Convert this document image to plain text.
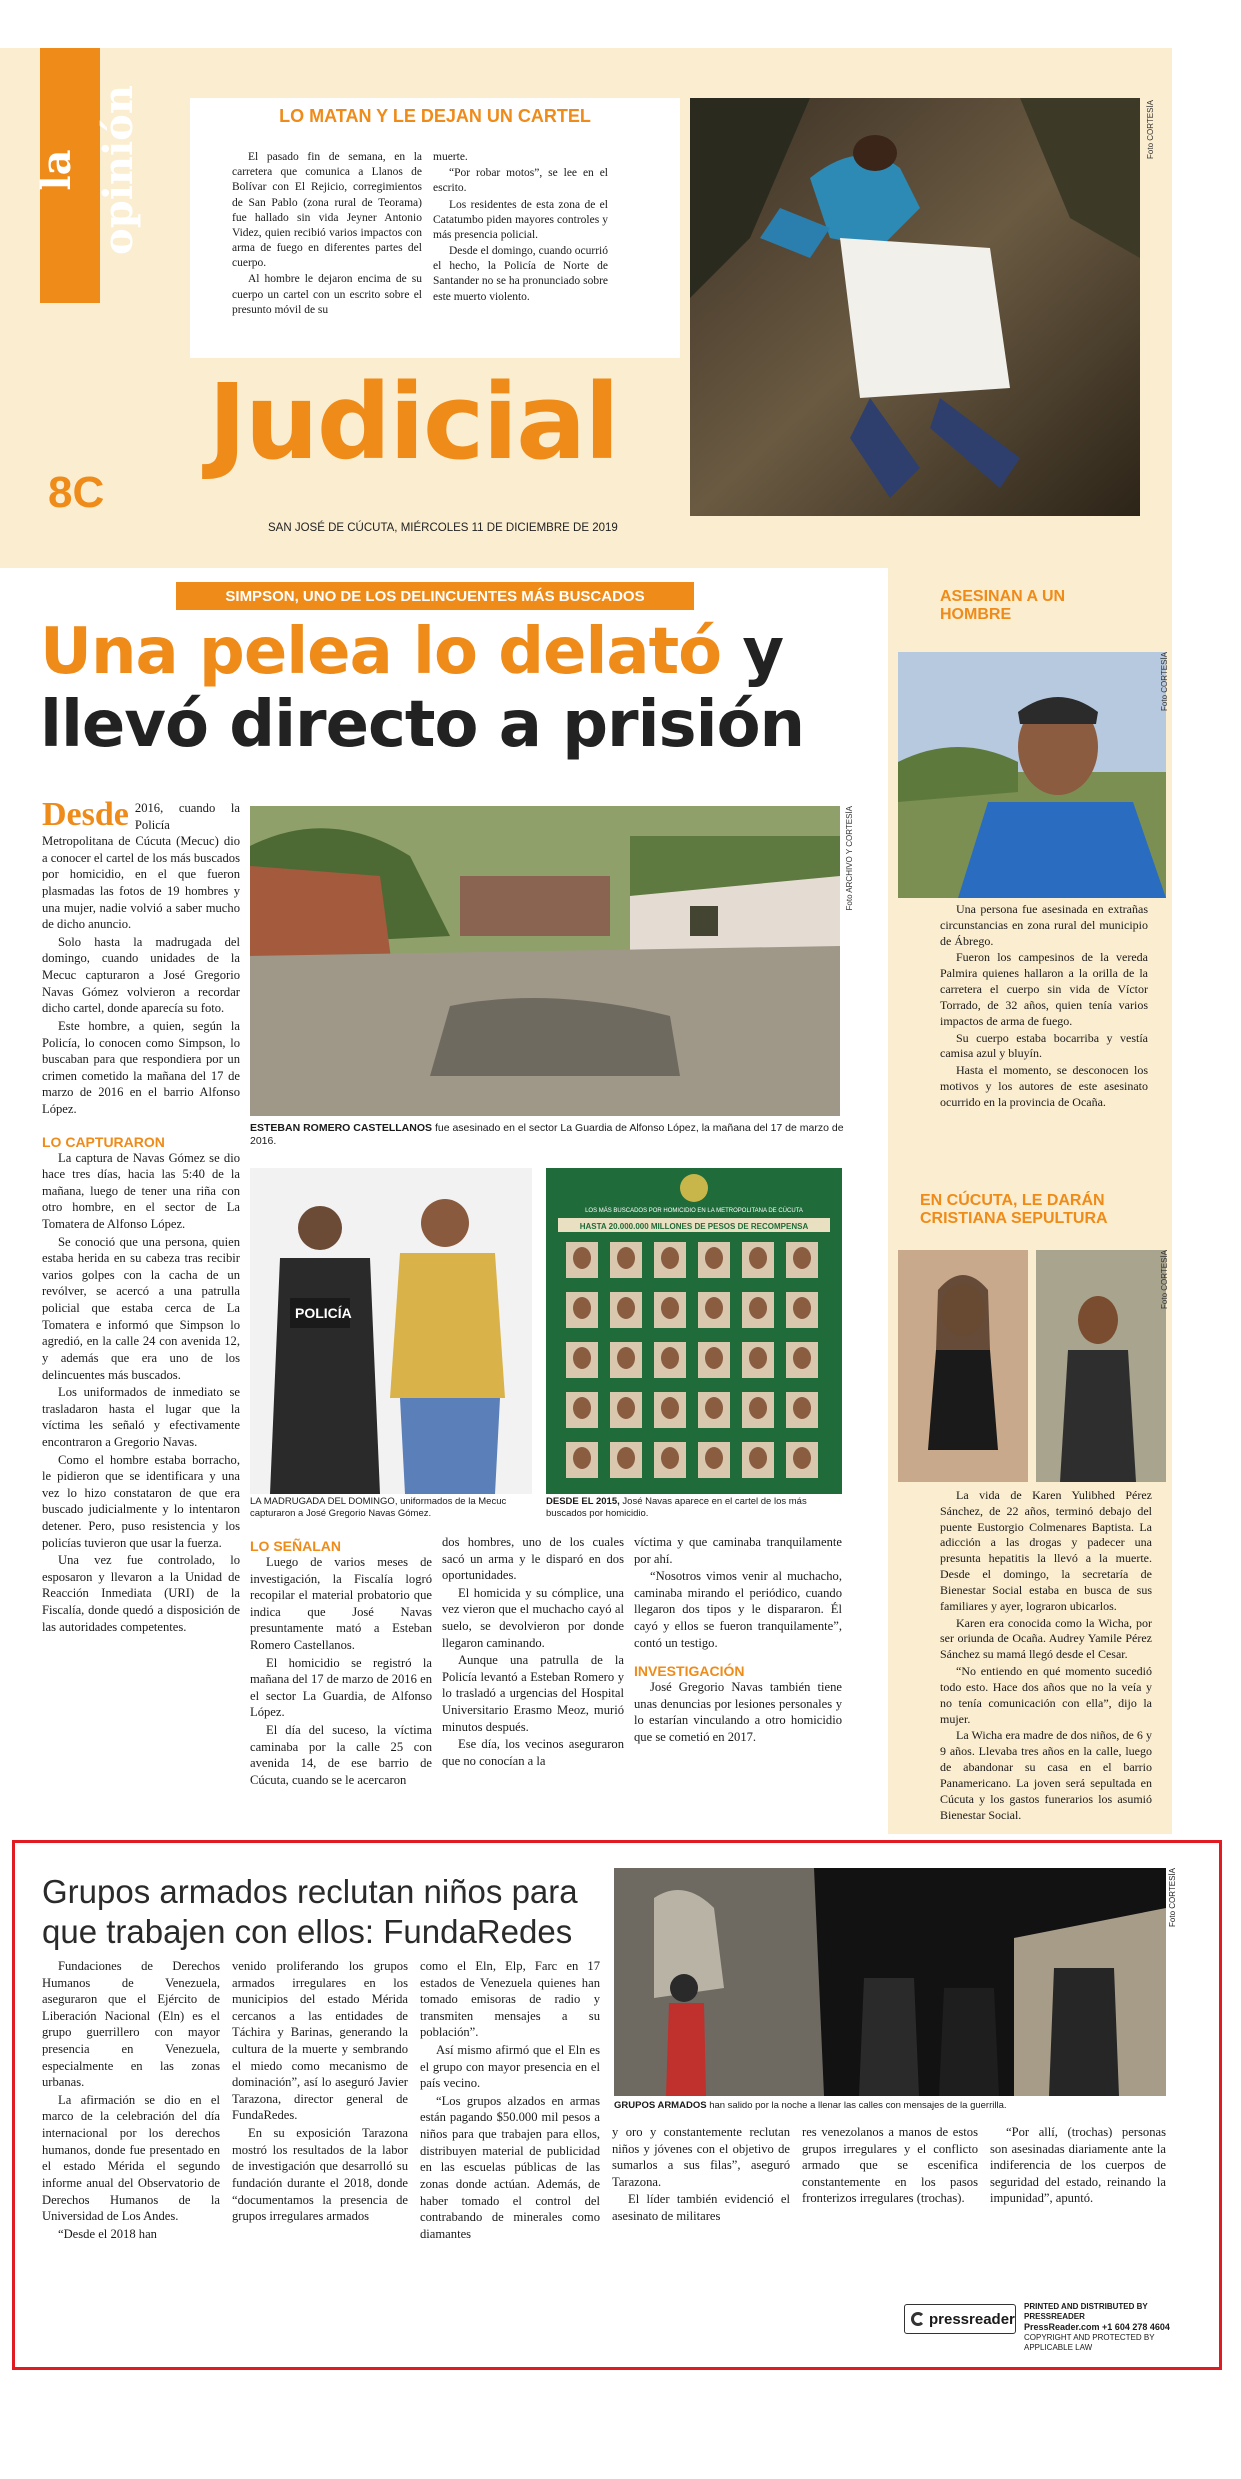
la opinión	LO MATAN Y LE DEJAN UN CARTEL

El pasado fin de semana, en la carretera que comunica a Llanos de Bolívar con El Rejicio, corregimientos de San Pablo (zona rural de Teorama) fue hallado sin vida Jeyner Antonio Videz, quien recibió varios impactos con arma de fuego en diferentes partes del cuerpo.

Al hombre le dejaron encima de su cuerpo un cartel con un escrito sobre el presunto móvil de su

muerte.

“Por robar motos”, se lee en el escrito.

Los residentes de esta zona de el Catatumbo piden mayores controles y más presencia policial.

Desde el domingo, cuando ocurrió el hecho, la Policía de Norte de Santander no se ha pronunciado sobre este muerto violento.

Foto CORTESÍA
Judicial
8C
SAN JOSÉ DE CÚCUTA, MIÉRCOLES 11 DE DICIEMBRE DE 2019
SIMPSON, UNO DE LOS DELINCUENTES MÁS BUSCADOS
Una pelea lo delató y
llevó directo a prisión

Desde 2016, cuando la Policía Metropolitana de Cúcuta (Mecuc) dio a conocer el cartel de los más buscados por homicidio, en el que fueron plasmadas las fotos de 19 hombres y una mujer, nadie volvió a saber mucho de dicho anuncio.

Solo hasta la madrugada del domingo, cuando unidades de la Mecuc capturaron a José Gregorio Navas Gómez volvieron a recordar dicho cartel, donde aparecía su foto.

Este hombre, a quien, según la Policía, lo conocen como Simpson, lo buscaban para que respondiera por un crimen cometido la mañana del 17 de marzo de 2016 en el barrio Alfonso López.

LO CAPTURARON

La captura de Navas Gómez se dio hace tres días, hacia las 5:40 de la mañana, luego de tener una riña con otro hombre, en el sector de La Tomatera de Alfonso López.

Se conoció que una persona, quien estaba herida en su cabeza tras recibir varios golpes con la cacha de un revólver, se acercó a una patrulla policial que estaba cerca de La Tomatera e informó que Simpson lo agredió, en la calle 24 con avenida 12, y además que era uno de los delincuentes más buscados.

Los uniformados de inmediato se trasladaron hasta el lugar que la víctima les señaló y efectivamente encontraron a Gregorio Navas.

Como el hombre estaba borracho, le pidieron que se identificara y una vez lo hizo constataron de que era buscado judicialmente y lo intentaron detener. Pero, puso resistencia y los policías tuvieron que usar la fuerza.

Una vez fue controlado, lo esposaron y llevaron a la Unidad de Reacción Inmediata (URI) de la Fiscalía, donde quedó a disposición de las autoridades competentes.

Foto ARCHIVO Y CORTESÍA
ESTEBAN ROMERO CASTELLANOS fue asesinado en el sector La Guardia de Alfonso López, la mañana del 17 de marzo de 2016.
POLICÍA
LA MADRUGADA DEL DOMINGO, uniformados de la Mecuc capturaron a José Gregorio Navas Gómez.
LOS MÁS BUSCADOS POR HOMICIDIO EN LA METROPOLITANA DE CÚCUTA
HASTA 20.000.000 MILLONES DE PESOS DE RECOMPENSA
DESDE EL 2015, José Navas aparece en el cartel de los más buscados por homicidio.
LO SEÑALAN

Luego de varios meses de investigación, la Fiscalía logró recopilar el material probatorio que indica que José Navas presuntamente mató a Esteban Romero Castellanos.

El homicidio se registró la mañana del 17 de marzo de 2016 en el sector La Guardia, de Alfonso López.

El día del suceso, la víctima caminaba por la calle 25 con avenida 14, de ese barrio de Cúcuta, cuando se le acercaron

dos hombres, uno de los cuales sacó un arma y le disparó en dos oportunidades.

El homicida y su cómplice, una vez vieron que el muchacho cayó al suelo, se devolvieron por donde llegaron caminando.

Aunque una patrulla de la Policía levantó a Esteban Romero y lo trasladó a urgencias del Hospital Universitario Erasmo Meoz, murió minutos después.

Ese día, los vecinos aseguraron que no conocían a la

víctima y que caminaba tranquilamente por ahí.

“Nosotros vimos venir al muchacho, caminaba mirando el periódico, cuando llegaron dos tipos y le dispararon. Él cayó y ellos se fueron tranquilamente”, contó un testigo.

INVESTIGACIÓN

José Gregorio Navas también tiene unas denuncias por lesiones personales y lo estarían vinculando a otro homicidio que se cometió en 2017.

ASESINAN A UN HOMBRE
Foto CORTESÍA

Una persona fue asesinada en extrañas circunstancias en zona rural del municipio de Ábrego.

Fueron los campesinos de la vereda Palmira quienes hallaron a la orilla de la carretera el cuerpo sin vida de Víctor Torrado, de 32 años, quien tenía varios impactos de arma de fuego.

Su cuerpo estaba bocarriba y vestía camisa azul y bluyín.

Hasta el momento, se desconocen los motivos y los autores de este asesinato ocurrido en la provincia de Ocaña.

EN CÚCUTA, LE DARÁN CRISTIANA SEPULTURA
Foto CORTESÍA

La vida de Karen Yulibhed Pérez Sánchez, de 22 años, terminó debajo del puente Eustorgio Colmenares Baptista. La adicción a las drogas y padecer una presunta hepatitis la llevó a la muerte. Desde el domingo, la secretaría de Bienestar Social estaba en busca de sus familiares y ayer, lograron ubicarlos.

Karen era conocida como la Wicha, por ser oriunda de Ocaña. Audrey Yamile Pérez Sánchez su mamá llegó desde el Cesar.

“No entiendo en qué momento sucedió todo esto. Hace dos años que no la veía y no tenía comunicación con ella”, dijo la mujer.

La Wicha era madre de dos niños, de 6 y 9 años. Llevaba tres años en la calle, luego de abandonar su casa en el barrio Panamericano. La joven será sepultada en Cúcuta y los gastos funerarios los asumió Bienestar Social.

Grupos armados reclutan niños para que trabajen con ellos: FundaRedes
Foto CORTESÍA
GRUPOS ARMADOS han salido por la noche a llenar las calles con mensajes de la guerrilla.

Fundaciones de Derechos Humanos de Venezuela, aseguraron que el Ejército de Liberación Nacional (Eln) es el grupo guerrillero con mayor presencia en Venezuela, especialmente en las zonas urbanas.

La afirmación se dio en el marco de la celebración del día internacional por los derechos humanos, donde fue presentado en el estado Mérida el segundo informe anual del Observatorio de Derechos Humanos de la Universidad de Los Andes.

“Desde el 2018 han

venido proliferando los grupos armados irregulares en los municipios del estado Mérida cercanos a las entidades de Táchira y Barinas, generando la cultura de la muerte y sembrando el miedo como mecanismo de dominación”, así lo aseguró Javier Tarazona, director general de FundaRedes.

En su exposición Tarazona mostró los resultados de la labor de investigación que desarrolló su fundación durante el 2018, donde “documentamos la presencia de grupos irregulares armados

como el Eln, Elp, Farc en 17 estados de Venezuela quienes han tomado emisoras de radio y transmiten mensajes a su población”.

Así mismo afirmó que el Eln es el grupo con mayor presencia en el país vecino.

“Los grupos alzados en armas están pagando $50.000 mil pesos a niños para que trabajen para ellos, distribuyen material de publicidad en las escuelas públicas de las zonas donde actúan. Además, de haber tomado el control del contrabando de minerales como diamantes

y oro y constantemente reclutan niños y jóvenes con el objetivo de sumarlos a sus filas”, aseguró Tarazona.

El líder también evidenció el asesinato de militares

res venezolanos a manos de estos grupos irregulares y el conflicto armado que se escenifica constantemente en los pasos fronterizos irregulares (trochas).

“Por allí, (trochas) personas son asesinadas diariamente ante la indiferencia de los cuerpos de seguridad del estado, reinando la impunidad”, apuntó.

pressreader
PRINTED AND DISTRIBUTED BY PRESSREADER
PressReader.com +1 604 278 4604
COPYRIGHT AND PROTECTED BY APPLICABLE LAW
